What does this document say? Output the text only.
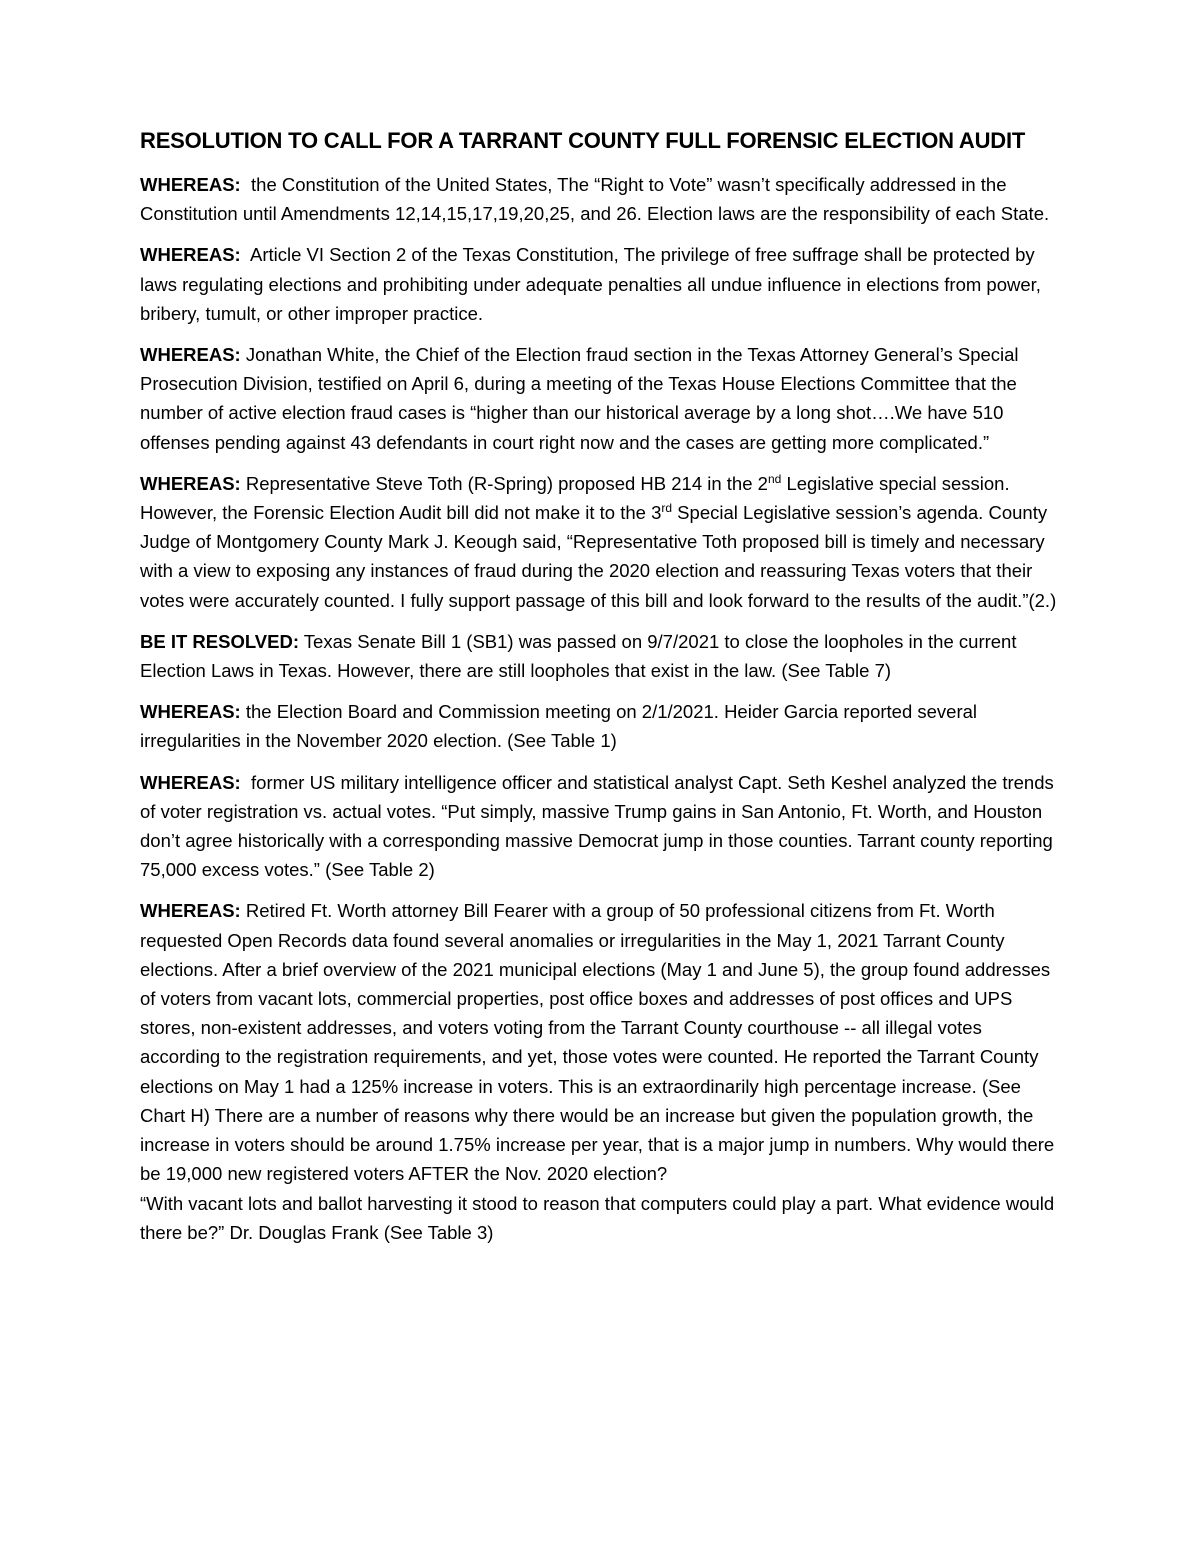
RESOLUTION TO CALL FOR A TARRANT COUNTY FULL FORENSIC ELECTION AUDIT

WHEREAS: the Constitution of the United States, The “Right to Vote” wasn’t specifically addressed in the Constitution until Amendments 12,14,15,17,19,20,25, and 26. Election laws are the responsibility of each State.

WHEREAS: Article VI Section 2 of the Texas Constitution, The privilege of free suffrage shall be protected by laws regulating elections and prohibiting under adequate penalties all undue influence in elections from power, bribery, tumult, or other improper practice.

WHEREAS: Jonathan White, the Chief of the Election fraud section in the Texas Attorney General’s Special Prosecution Division, testified on April 6, during a meeting of the Texas House Elections Committee that the number of active election fraud cases is “higher than our historical average by a long shot….We have 510 offenses pending against 43 defendants in court right now and the cases are getting more complicated.”

WHEREAS: Representative Steve Toth (R-Spring) proposed HB 214 in the 2nd Legislative special session. However, the Forensic Election Audit bill did not make it to the 3rd Special Legislative session’s agenda. County Judge of Montgomery County Mark J. Keough said, “Representative Toth proposed bill is timely and necessary with a view to exposing any instances of fraud during the 2020 election and reassuring Texas voters that their votes were accurately counted. I fully support passage of this bill and look forward to the results of the audit.”(2.)

BE IT RESOLVED: Texas Senate Bill 1 (SB1) was passed on 9/7/2021 to close the loopholes in the current Election Laws in Texas. However, there are still loopholes that exist in the law. (See Table 7)

WHEREAS: the Election Board and Commission meeting on 2/1/2021. Heider Garcia reported several irregularities in the November 2020 election. (See Table 1)

WHEREAS: former US military intelligence officer and statistical analyst Capt. Seth Keshel analyzed the trends of voter registration vs. actual votes. “Put simply, massive Trump gains in San Antonio, Ft. Worth, and Houston don’t agree historically with a corresponding massive Democrat jump in those counties. Tarrant county reporting 75,000 excess votes.” (See Table 2)

WHEREAS: Retired Ft. Worth attorney Bill Fearer with a group of 50 professional citizens from Ft. Worth requested Open Records data found several anomalies or irregularities in the May 1, 2021 Tarrant County elections. After a brief overview of the 2021 municipal elections (May 1 and June 5), the group found addresses of voters from vacant lots, commercial properties, post office boxes and addresses of post offices and UPS stores, non-existent addresses, and voters voting from the Tarrant County courthouse -- all illegal votes according to the registration requirements, and yet, those votes were counted. He reported the Tarrant County elections on May 1 had a 125% increase in voters. This is an extraordinarily high percentage increase. (See Chart H) There are a number of reasons why there would be an increase but given the population growth, the increase in voters should be around 1.75% increase per year, that is a major jump in numbers. Why would there be 19,000 new registered voters AFTER the Nov. 2020 election?

“With vacant lots and ballot harvesting it stood to reason that computers could play a part. What evidence would there be?” Dr. Douglas Frank (See Table 3)
